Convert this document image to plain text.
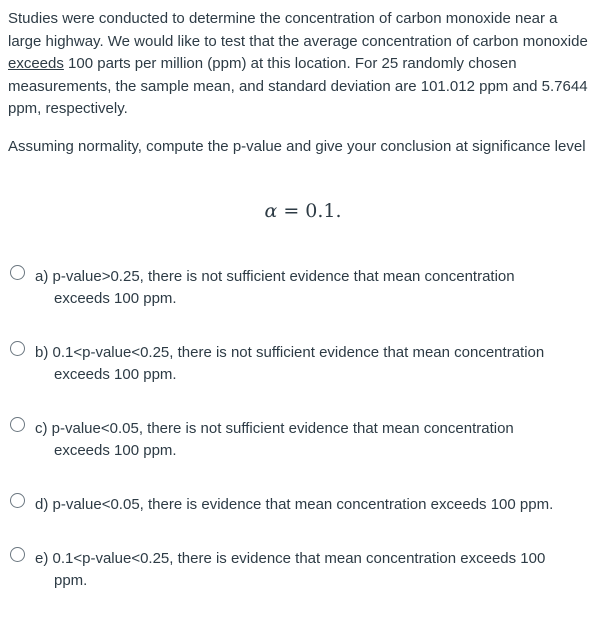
Studies were conducted to determine the concentration of carbon monoxide near a large highway. We would like to test that the average concentration of carbon monoxide exceeds 100 parts per million (ppm) at this location. For 25 randomly chosen measurements, the sample mean, and standard deviation are 101.012 ppm and 5.7644 ppm, respectively.

Assuming normality, compute the p-value and give your conclusion at significance level

α = 0.1.
a) p-value>0.25, there is not sufficient evidence that mean concentration
exceeds 100 ppm.
b) 0.1<p-value<0.25, there is not sufficient evidence that mean concentration
exceeds 100 ppm.
c) p-value<0.05, there is not sufficient evidence that mean concentration
exceeds 100 ppm.
d) p-value<0.05, there is evidence that mean concentration exceeds 100 ppm.
e) 0.1<p-value<0.25, there is evidence that mean concentration exceeds 100
ppm.
